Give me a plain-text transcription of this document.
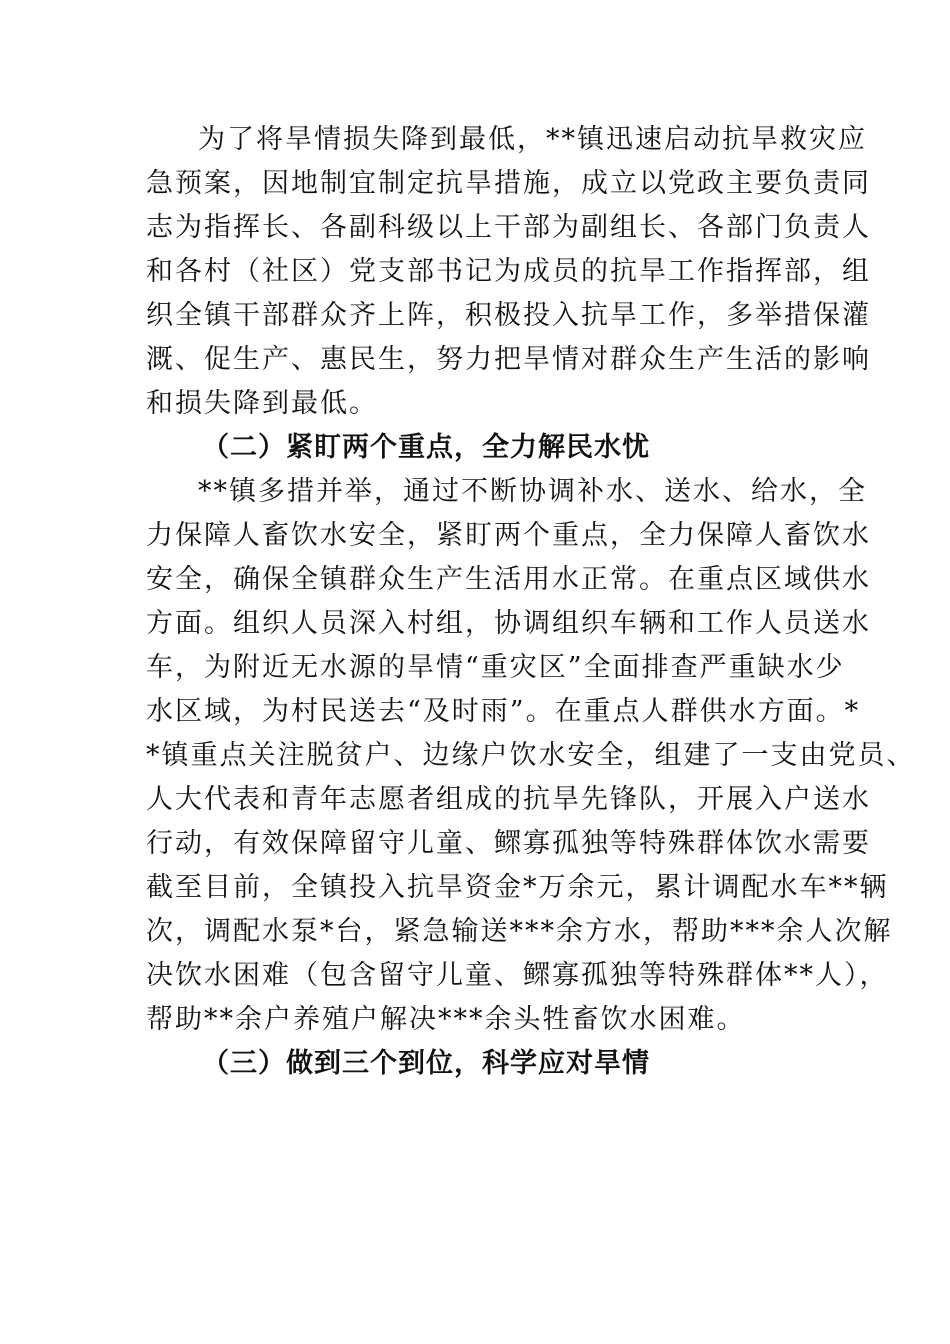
为了将旱情损失降到最低，**镇迅速启动抗旱救灾应
急预案，因地制宜制定抗旱措施，成立以党政主要负责同
志为指挥长、各副科级以上干部为副组长、各部门负责人
和各村（社区）党支部书记为成员的抗旱工作指挥部，组
织全镇干部群众齐上阵，积极投入抗旱工作，多举措保灌
溉、促生产、惠民生，努力把旱情对群众生产生活的影响
和损失降到最低。
（二）紧盯两个重点，全力解民水忧
**镇多措并举，通过不断协调补水、送水、给水，全
力保障人畜饮水安全，紧盯两个重点，全力保障人畜饮水
安全，确保全镇群众生产生活用水正常。在重点区域供水
方面。组织人员深入村组，协调组织车辆和工作人员送水
车，为附近无水源的旱情“重灾区”全面排查严重缺水少
水区域，为村民送去“及时雨”。在重点人群供水方面。*
*镇重点关注脱贫户、边缘户饮水安全，组建了一支由党员、
人大代表和青年志愿者组成的抗旱先锋队，开展入户送水
行动，有效保障留守儿童、鳏寡孤独等特殊群体饮水需要
截至目前，全镇投入抗旱资金*万余元，累计调配水车**辆
次，调配水泵*台，紧急输送***余方水，帮助***余人次解
决饮水困难（包含留守儿童、鳏寡孤独等特殊群体**人），
帮助**余户养殖户解决***余头牲畜饮水困难。
（三）做到三个到位，科学应对旱情
